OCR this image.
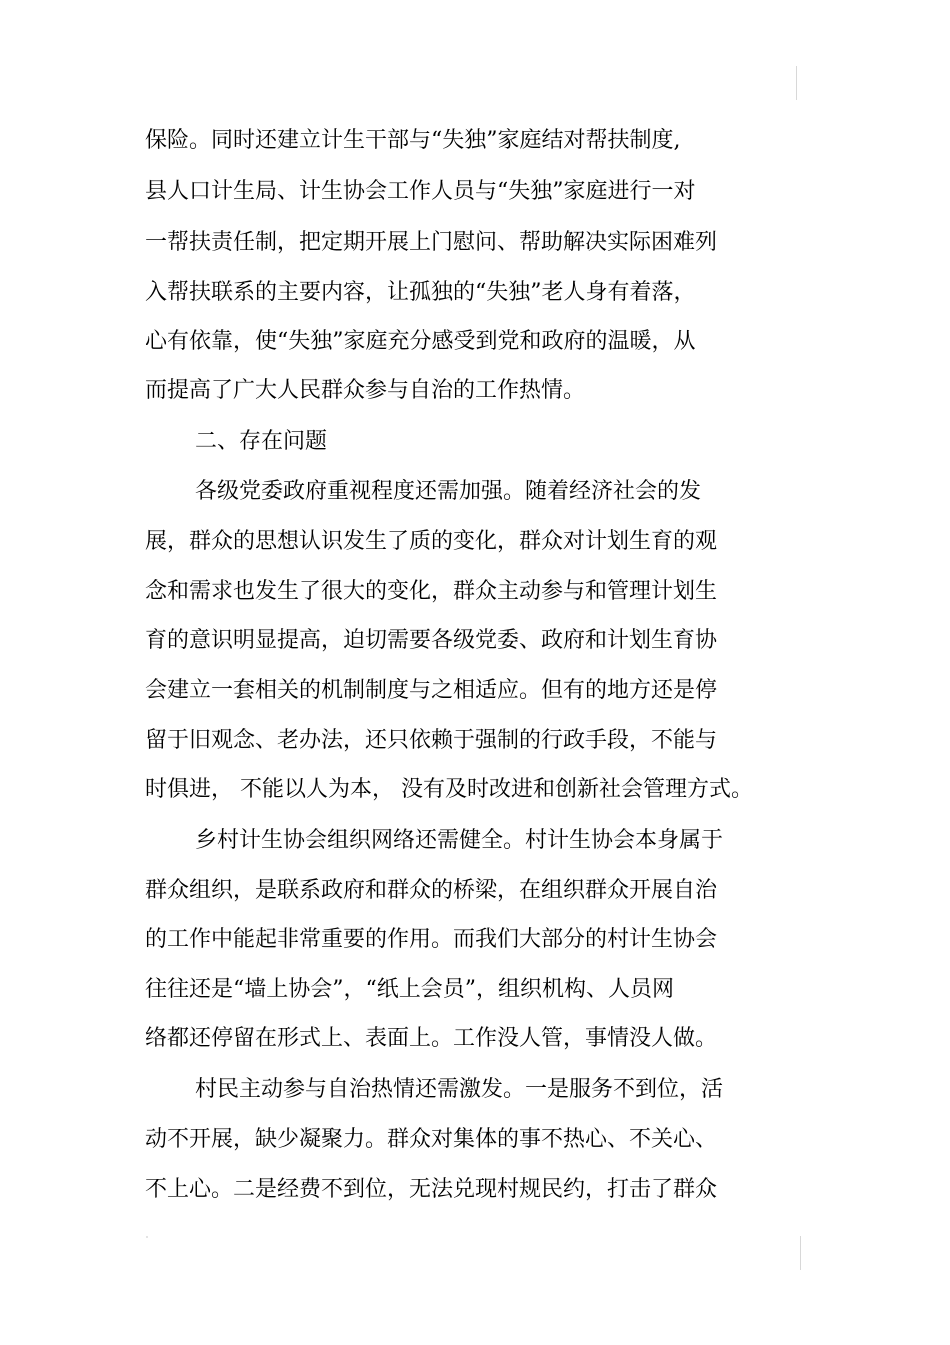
保险。同时还建立计生干部与“失独”家庭结对帮扶制度,
县人口计生局、计生协会工作人员与“失独”家庭进行一对
一帮扶责任制，把定期开展上门慰问、帮助解决实际困难列
入帮扶联系的主要内容，让孤独的“失独”老人身有着落，
心有依靠，使“失独”家庭充分感受到党和政府的温暖，从
而提高了广大人民群众参与自治的工作热情。
二、存在问题
各级党委政府重视程度还需加强。随着经济社会的发
展，群众的思想认识发生了质的变化，群众对计划生育的观
念和需求也发生了很大的变化，群众主动参与和管理计划生
育的意识明显提高，迫切需要各级党委、政府和计划生育协
会建立一套相关的机制制度与之相适应。但有的地方还是停
留于旧观念、老办法，还只依赖于强制的行政手段，不能与
时俱进， 不能以人为本， 没有及时改进和创新社会管理方式。
乡村计生协会组织网络还需健全。村计生协会本身属于
群众组织，是联系政府和群众的桥梁，在组织群众开展自治
的工作中能起非常重要的作用。而我们大部分的村计生协会
往往还是“墙上协会”，“纸上会员”，组织机构、人员网
络都还停留在形式上、表面上。工作没人管，事情没人做。
村民主动参与自治热情还需激发。一是服务不到位，活
动不开展，缺少凝聚力。群众对集体的事不热心、不关心、
不上心。二是经费不到位，无法兑现村规民约，打击了群众
